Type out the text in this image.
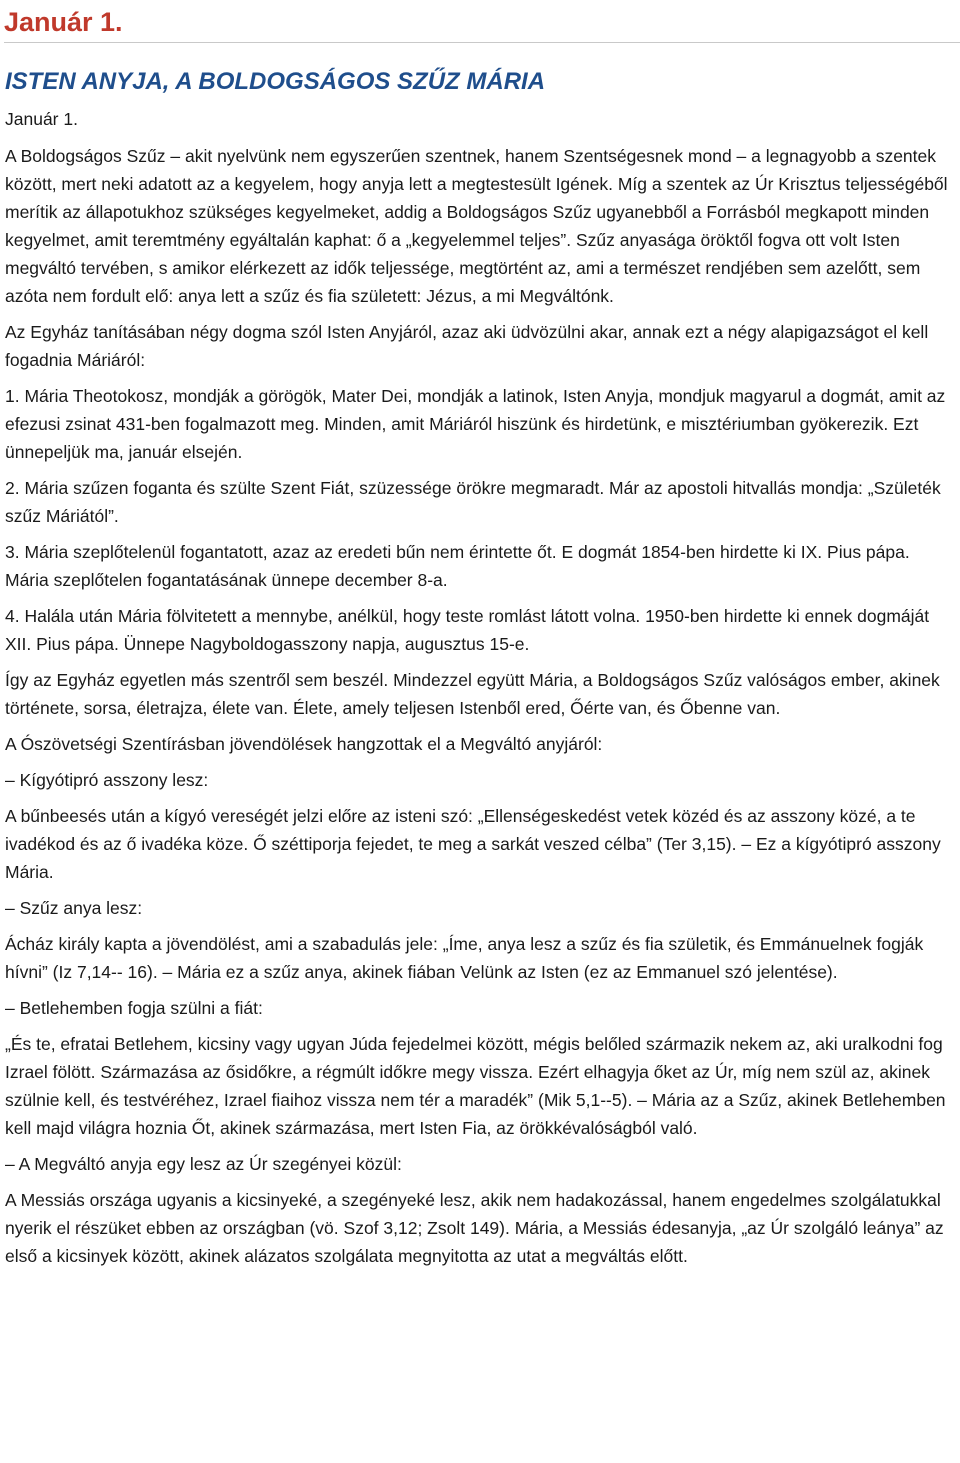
Január 1.
ISTEN ANYJA, A BOLDOGSÁGOS SZŰZ MÁRIA
Január 1.

A Boldogságos Szűz – akit nyelvünk nem egyszerűen szentnek, hanem Szentségesnek mond – a legnagyobb a szentek között, mert neki adatott az a kegyelem, hogy anyja lett a megtestesült Igének. Míg a szentek az Úr Krisztus teljességéből merítik az állapotukhoz szükséges kegyelmeket, addig a Boldogságos Szűz ugyanebből a Forrásból megkapott minden kegyelmet, amit teremtmény egyáltalán kaphat: ő a „kegyelemmel teljes”. Szűz anyasága öröktől fogva ott volt Isten megváltó tervében, s amikor elérkezett az idők teljessége, megtörtént az, ami a természet rendjében sem azelőtt, sem azóta nem fordult elő: anya lett a szűz és fia született: Jézus, a mi Megváltónk.

Az Egyház tanításában négy dogma szól Isten Anyjáról, azaz aki üdvözülni akar, annak ezt a négy alapigazságot el kell fogadnia Máriáról:

1. Mária Theotokosz, mondják a görögök, Mater Dei, mondják a latinok, Isten Anyja, mondjuk magyarul a dogmát, amit az efezusi zsinat 431-ben fogalmazott meg. Minden, amit Máriáról hiszünk és hirdetünk, e misztériumban gyökerezik. Ezt ünnepeljük ma, január elsején.

2. Mária szűzen foganta és szülte Szent Fiát, szüzessége örökre megmaradt. Már az apostoli hitvallás mondja: „Születék szűz Máriától”.

3. Mária szeplőtelenül fogantatott, azaz az eredeti bűn nem érintette őt. E dogmát 1854-ben hirdette ki IX. Pius pápa. Mária szeplőtelen fogantatásának ünnepe december 8-a.

4. Halála után Mária fölvitetett a mennybe, anélkül, hogy teste romlást látott volna. 1950-ben hirdette ki ennek dogmáját XII. Pius pápa. Ünnepe Nagyboldogasszony napja, augusztus 15-e.

Így az Egyház egyetlen más szentről sem beszél. Mindezzel együtt Mária, a Boldogságos Szűz valóságos ember, akinek története, sorsa, életrajza, élete van. Élete, amely teljesen Istenből ered, Őérte van, és Őbenne van.

A Ószövetségi Szentírásban jövendölések hangzottak el a Megváltó anyjáról:

– Kígyótipró asszony lesz:

A bűnbeesés után a kígyó vereségét jelzi előre az isteni szó: „Ellenségeskedést vetek közéd és az asszony közé, a te ivadékod és az ő ivadéka köze. Ő széttiporja fejedet, te meg a sarkát veszed célba” (Ter 3,15). – Ez a kígyótipró asszony Mária.

– Szűz anya lesz:

Ácház király kapta a jövendölést, ami a szabadulás jele: „Íme, anya lesz a szűz és fia születik, és Emmánuelnek fogják hívni” (Iz 7,14-- 16). – Mária ez a szűz anya, akinek fiában Velünk az Isten (ez az Emmanuel szó jelentése).

– Betlehemben fogja szülni a fiát:

„És te, efratai Betlehem, kicsiny vagy ugyan Júda fejedelmei között, mégis belőled származik nekem az, aki uralkodni fog Izrael fölött. Származása az ősidőkre, a régmúlt időkre megy vissza. Ezért elhagyja őket az Úr, míg nem szül az, akinek szülnie kell, és testvéréhez, Izrael fiaihoz vissza nem tér a maradék” (Mik 5,1--5). – Mária az a Szűz, akinek Betlehemben kell majd világra hoznia Őt, akinek származása, mert Isten Fia, az örökkévalóságból való.

– A Megváltó anyja egy lesz az Úr szegényei közül:

A Messiás országa ugyanis a kicsinyeké, a szegényeké lesz, akik nem hadakozással, hanem engedelmes szolgálatukkal nyerik el részüket ebben az országban (vö. Szof 3,12; Zsolt 149). Mária, a Messiás édesanyja, „az Úr szolgáló leánya” az első a kicsinyek között, akinek alázatos szolgálata megnyitotta az utat a megváltás előtt.
